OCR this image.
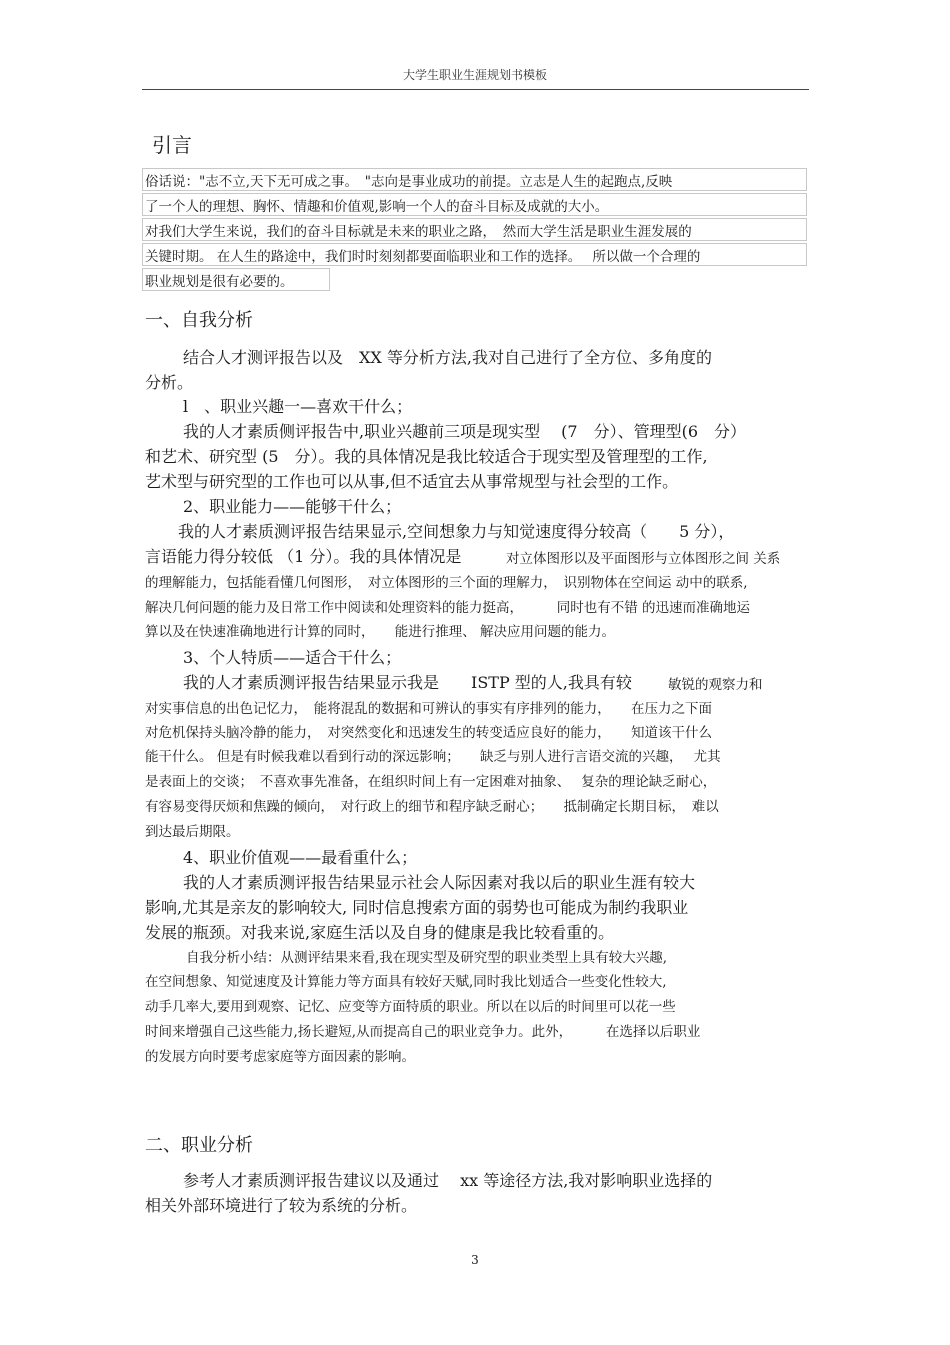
大学生职业生涯规划书模板
引言
俗话说："志不立,天下无可成之事。　"志向是事业成功的前提。立志是人生的起跑点,反映
了一个人的理想、胸怀、情趣和价值观,影响一个人的奋斗目标及成就的大小。
对我们大学生来说，我们的奋斗目标就是未来的职业之路，　然而大学生活是职业生涯发展的
关键时期。 在人生的路途中，我们时时刻刻都要面临职业和工作的选择。　 所以做一个合理的
职业规划是很有必要的。
一、自我分析
结合人才测评报告以及　XX 等分析方法,我对自己进行了全方位、多角度的
分析。
l　、职业兴趣一—喜欢干什么；
我的人才素质侧评报告中,职业兴趣前三项是现实型　 (7　分）、管理型(6　分）
和艺术、研究型 (5　分）。我的具体情况是我比较适合于现实型及管理型的工作,
艺术型与研究型的工作也可以从事,但不适宜去从事常规型与社会型的工作。
2、职业能力——能够干什么；
我的人才素质测评报告结果显示,空间想象力与知觉速度得分较高（　　5 分），
言语能力得分较低 （1 分）。我的具体情况是	对立体图形以及平面图形与立体图形之间 关系
的理解能力，包括能看懂几何图形，　对立体图形的三个面的理解力，　识别物体在空间运 动中的联系,
解决几何问题的能力及日常工作中阅读和处理资料的能力挺高，　　　同时也有不错 的迅速而准确地运
算以及在快速准确地进行计算的同时，　　能进行推理、 解决应用问题的能力。
3、个人特质——适合干什么；
我的人才素质测评报告结果显示我是　　ISTP 型的人,我具有较	敏锐的观察力和
对实事信息的出色记忆力，　能将混乱的数据和可辨认的事实有序排列的能力，　　在压力之下面
对危机保持头脑冷静的能力，　对突然变化和迅速发生的转变适应良好的能力，　　知道该干什么
能干什么。 但是有时候我难以看到行动的深远影响；　　缺乏与别人进行言语交流的兴趣，　 尤其
是表面上的交谈；　不喜欢事先准备，在组织时间上有一定困难对抽象、　 复杂的理论缺乏耐心，
有容易变得厌烦和焦躁的倾向，　对行政上的细节和程序缺乏耐心；　　抵制确定长期目标，　难以
到达最后期限。
4、职业价值观——最看重什么；
我的人才素质测评报告结果显示社会人际因素对我以后的职业生涯有较大
影响,尤其是亲友的影响较大, 同时信息搜索方面的弱势也可能成为制约我职业
发展的瓶颈。对我来说,家庭生活以及自身的健康是我比较看重的。
自我分析小结：从测评结果来看,我在现实型及研究型的职业类型上具有较大兴趣,
在空间想象、知觉速度及计算能力等方面具有较好天赋,同时我比划适合一些变化性较大,
动手几率大,要用到观察、记忆、应变等方面特质的职业。所以在以后的时间里可以花一些
时间来增强自己这些能力,扬长避短,从而提高自己的职业竞争力。此外，　　　在选择以后职业
的发展方向时要考虑家庭等方面因素的影响。
二、职业分析
参考人才素质测评报告建议以及通过　 xx 等途径方法,我对影响职业选择的
相关外部环境进行了较为系统的分析。
3
